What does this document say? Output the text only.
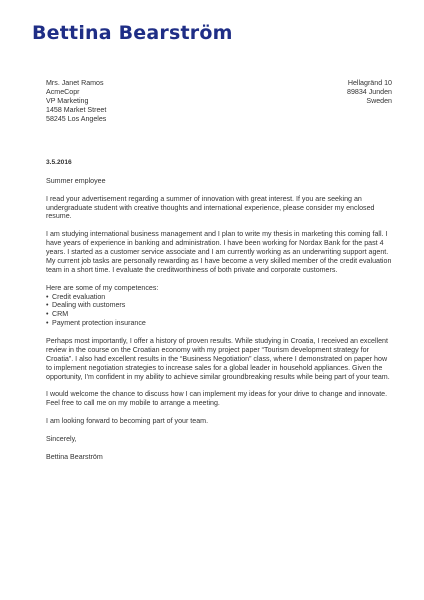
Bettina Bearström
Mrs. Janet Ramos
AcmeCopr
VP Marketing
1458 Market Street
58245 Los Angeles
Hellagränd 10
89834 Junden
Sweden

3.5.2016

Summer employee

I read your advertisement regarding a summer of innovation with great interest. If you are seeking an undergraduate student with creative thoughts and international experience, please consider my enclosed resume.

I am studying international business management and I plan to write my thesis in marketing this coming fall. I have years of experience in banking and administration. I have been working for Nordax Bank for the past 4 years. I started as a customer service associate and I am currently working as an underwriting support agent. My current job tasks are personally rewarding as I have become a very skilled member of the credit evaluation team in a short time. I evaluate the creditworthiness of both private and corporate customers.

Here are some of my competences:

• Credit evaluation
• Dealing with customers
• CRM
• Payment protection insurance

Perhaps most importantly, I offer a history of proven results. While studying in Croatia, I received an excellent review in the course on the Croatian economy with my project paper “Tourism development strategy for Croatia”. I also had excellent results in the “Business Negotiation” class, where I demonstrated on paper how to implement negotiation strategies to increase sales for a global leader in household appliances. Given the opportunity, I’m confident in my ability to achieve similar groundbreaking results while being part of your team.

I would welcome the chance to discuss how I can implement my ideas for your drive to change and innovate. Feel free to call me on my mobile to arrange a meeting.

I am looking forward to becoming part of your team.

Sincerely,

Bettina Bearström
